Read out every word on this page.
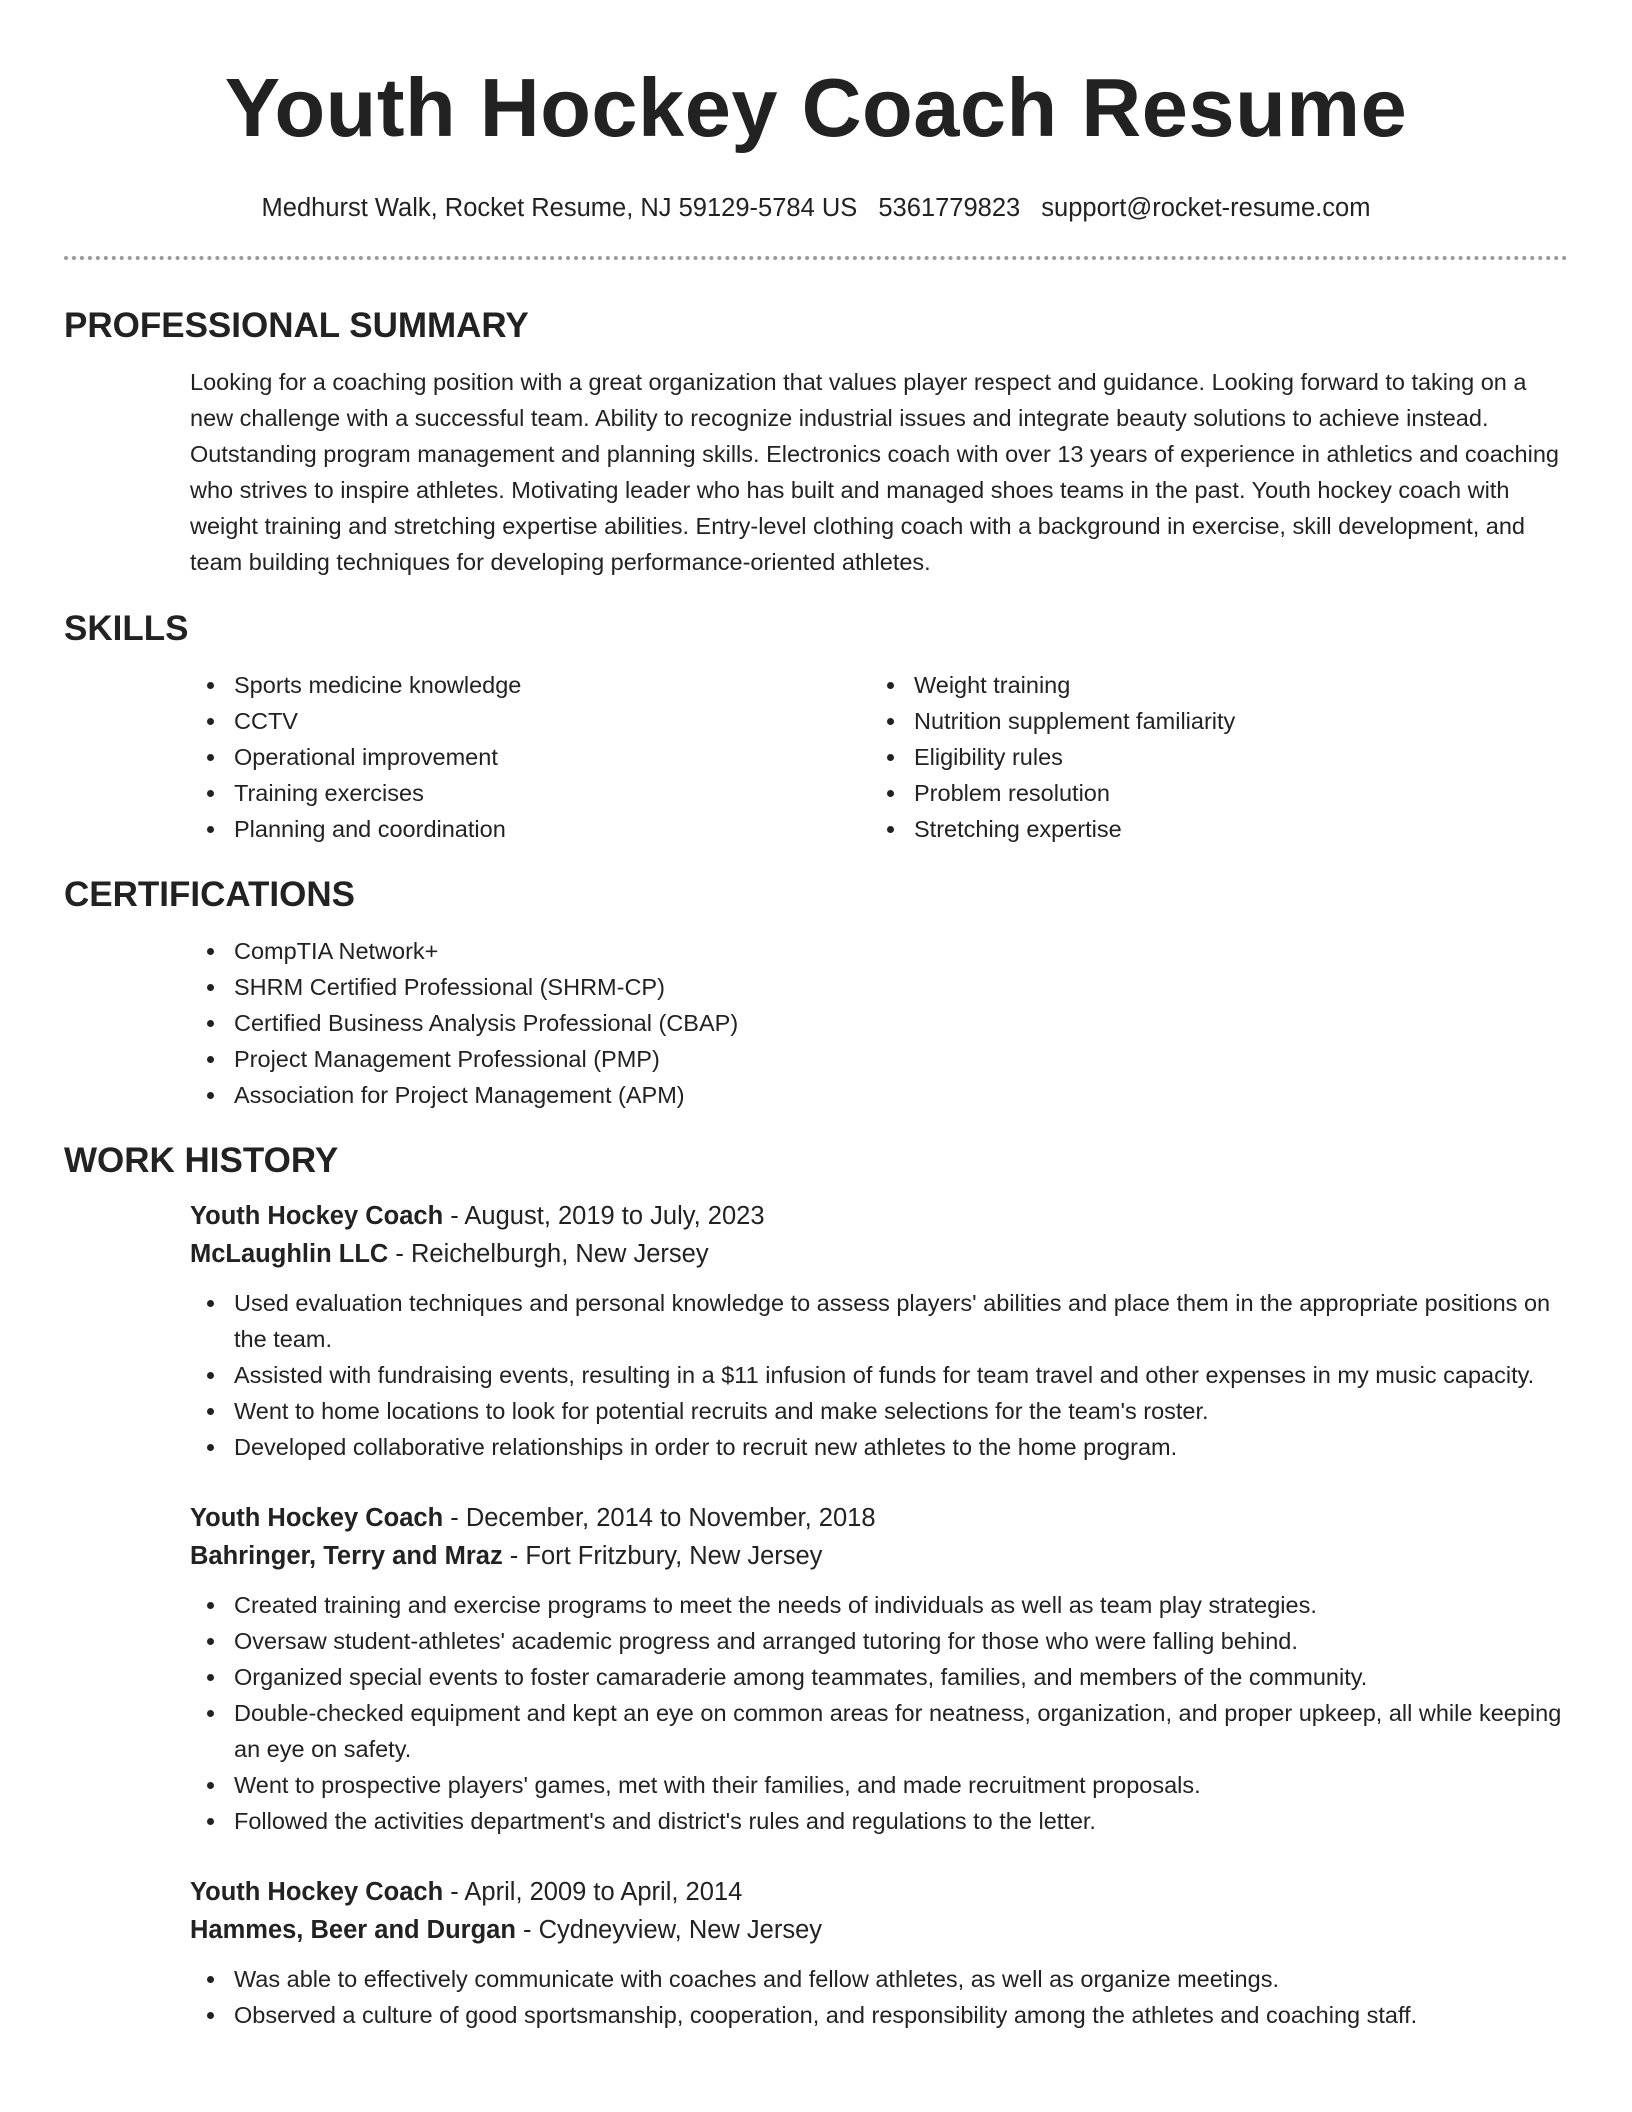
Youth Hockey Coach Resume
Medhurst Walk, Rocket Resume, NJ 59129-5784 US 5361779823 support@rocket-resume.com
PROFESSIONAL SUMMARY

Looking for a coaching position with a great organization that values player respect and guidance. Looking forward to taking on a new challenge with a successful team. Ability to recognize industrial issues and integrate beauty solutions to achieve instead. Outstanding program management and planning skills. Electronics coach with over 13 years of experience in athletics and coaching who strives to inspire athletes. Motivating leader who has built and managed shoes teams in the past. Youth hockey coach with weight training and stretching expertise abilities. Entry-level clothing coach with a background in exercise, skill development, and team building techniques for developing performance-oriented athletes.

SKILLS
Sports medicine knowledge
CCTV
Operational improvement
Training exercises
Planning and coordination
Weight training
Nutrition supplement familiarity
Eligibility rules
Problem resolution
Stretching expertise
CERTIFICATIONS
CompTIA Network+
SHRM Certified Professional (SHRM-CP)
Certified Business Analysis Professional (CBAP)
Project Management Professional (PMP)
Association for Project Management (APM)
WORK HISTORY
Youth Hockey Coach - August, 2019 to July, 2023
McLaughlin LLC - Reichelburgh, New Jersey
Used evaluation techniques and personal knowledge to assess players' abilities and place them in the appropriate positions on the team.
Assisted with fundraising events, resulting in a $11 infusion of funds for team travel and other expenses in my music capacity.
Went to home locations to look for potential recruits and make selections for the team's roster.
Developed collaborative relationships in order to recruit new athletes to the home program.
Youth Hockey Coach - December, 2014 to November, 2018
Bahringer, Terry and Mraz - Fort Fritzbury, New Jersey
Created training and exercise programs to meet the needs of individuals as well as team play strategies.
Oversaw student-athletes' academic progress and arranged tutoring for those who were falling behind.
Organized special events to foster camaraderie among teammates, families, and members of the community.
Double-checked equipment and kept an eye on common areas for neatness, organization, and proper upkeep, all while keeping an eye on safety.
Went to prospective players' games, met with their families, and made recruitment proposals.
Followed the activities department's and district's rules and regulations to the letter.
Youth Hockey Coach - April, 2009 to April, 2014
Hammes, Beer and Durgan - Cydneyview, New Jersey
Was able to effectively communicate with coaches and fellow athletes, as well as organize meetings.
Observed a culture of good sportsmanship, cooperation, and responsibility among the athletes and coaching staff.
